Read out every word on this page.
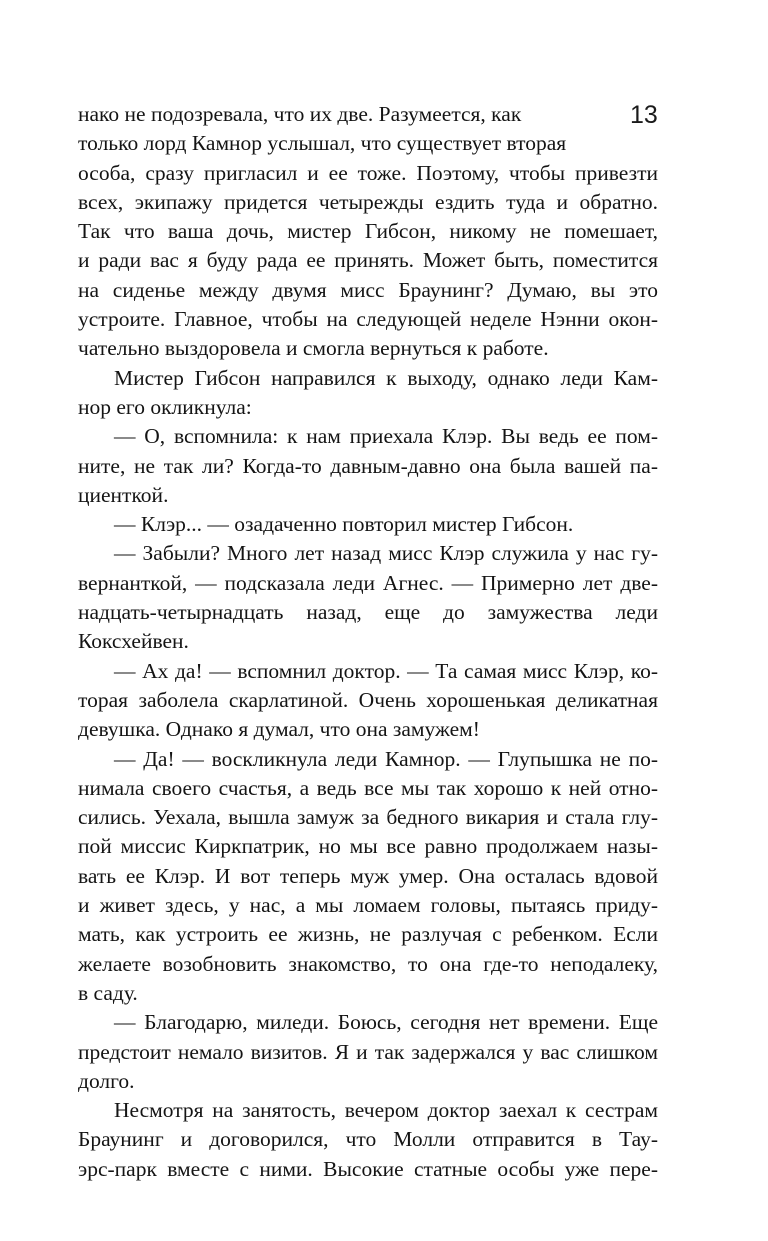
13
нако не подозревала, что их две. Разумеется, как
только лорд Камнор услышал, что существует вторая
особа, сразу пригласил и ее тоже. Поэтому, чтобы привезти
всех, экипажу придется четырежды ездить туда и обратно.
Так что ваша дочь, мистер Гибсон, никому не помешает,
и ради вас я буду рада ее принять. Может быть, поместится
на сиденье между двумя мисс Браунинг? Думаю, вы это
устроите. Главное, чтобы на следующей неделе Нэнни окон-
чательно выздоровела и смогла вернуться к работе.
Мистер Гибсон направился к выходу, однако леди Кам-
нор его окликнула:
— О, вспомнила: к нам приехала Клэр. Вы ведь ее пом-
ните, не так ли? Когда-то давным-давно она была вашей па-
циенткой.
— Клэр... — озадаченно повторил мистер Гибсон.
— Забыли? Много лет назад мисс Клэр служила у нас гу-
вернанткой, — подсказала леди Агнес. — Примерно лет две-
надцать-четырнадцать назад, еще до замужества леди
Коксхейвен.
— Ах да! — вспомнил доктор. — Та самая мисс Клэр, ко-
торая заболела скарлатиной. Очень хорошенькая деликатная
девушка. Однако я думал, что она замужем!
— Да! — воскликнула леди Камнор. — Глупышка не по-
нимала своего счастья, а ведь все мы так хорошо к ней отно-
сились. Уехала, вышла замуж за бедного викария и стала глу-
пой миссис Киркпатрик, но мы все равно продолжаем назы-
вать ее Клэр. И вот теперь муж умер. Она осталась вдовой
и живет здесь, у нас, а мы ломаем головы, пытаясь приду-
мать, как устроить ее жизнь, не разлучая с ребенком. Если
желаете возобновить знакомство, то она где-то неподалеку,
в саду.
— Благодарю, миледи. Боюсь, сегодня нет времени. Еще
предстоит немало визитов. Я и так задержался у вас слишком
долго.
Несмотря на занятость, вечером доктор заехал к сестрам
Браунинг и договорился, что Молли отправится в Тау-
эрс-парк вместе с ними. Высокие статные особы уже пере-
